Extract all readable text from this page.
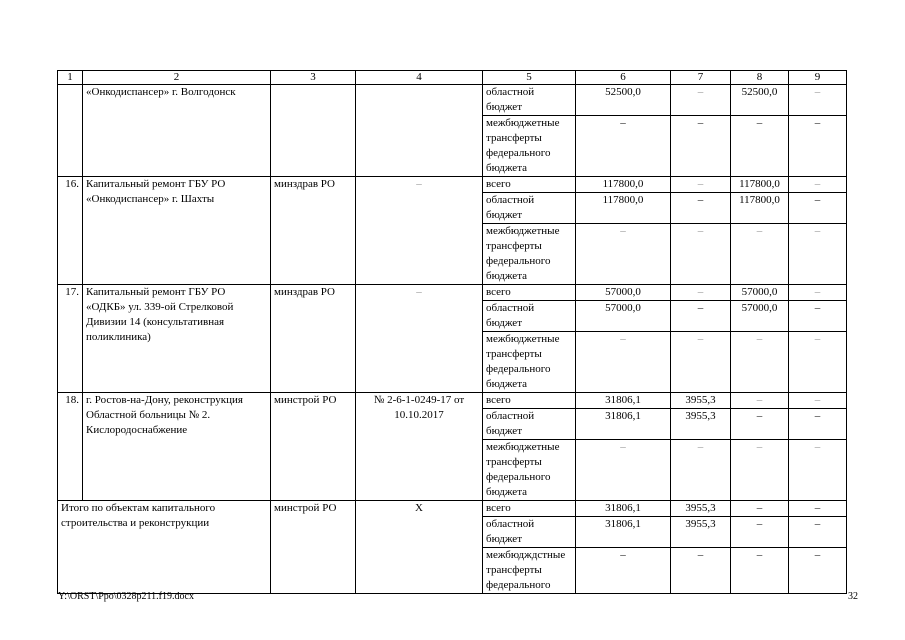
1	2	3	4	5	6	7	8	9
	«Онкодиспансер» г. Волгодонск			областной бюджет	52500,0	–	52500,0	–
				межбюджетные трансферты федерального бюджета	–	–	–	–
16.	Капитальный ремонт ГБУ РО «Онкодиспансер» г. Шахты	минздрав РО	–	всего	117800,0	–	117800,0	–
				областной бюджет	117800,0	–	117800,0	–
				межбюджетные трансферты федерального бюджета	–	–	–	–
17.	Капитальный ремонт ГБУ РО «ОДКБ» ул. 339-ой Стрелковой Дивизии 14 (консультативная поликлиника)	минздрав РО	–	всего	57000,0	–	57000,0	–
				областной бюджет	57000,0	–	57000,0	–
				межбюджетные трансферты федерального бюджета	–	–	–	–
18.	г. Ростов-на-Дону, реконструкция Областной больницы № 2. Кислородоснабжение	минстрой РО	№ 2-6-1-0249-17 от 10.10.2017	всего	31806,1	3955,3	–	–
				областной бюджет	31806,1	3955,3	–	–
				межбюджетные трансферты федерального бюджета	–	–	–	–
Итого по объектам капитального строительства и реконструкции		минстрой РО	Х	всего	31806,1	3955,3	–	–
				областной бюджет	31806,1	3955,3	–	–
				межбюдждстные трансферты федерального	–	–	–	–
Y:\ORST\Ppo\0328p211.f19.docx	32
